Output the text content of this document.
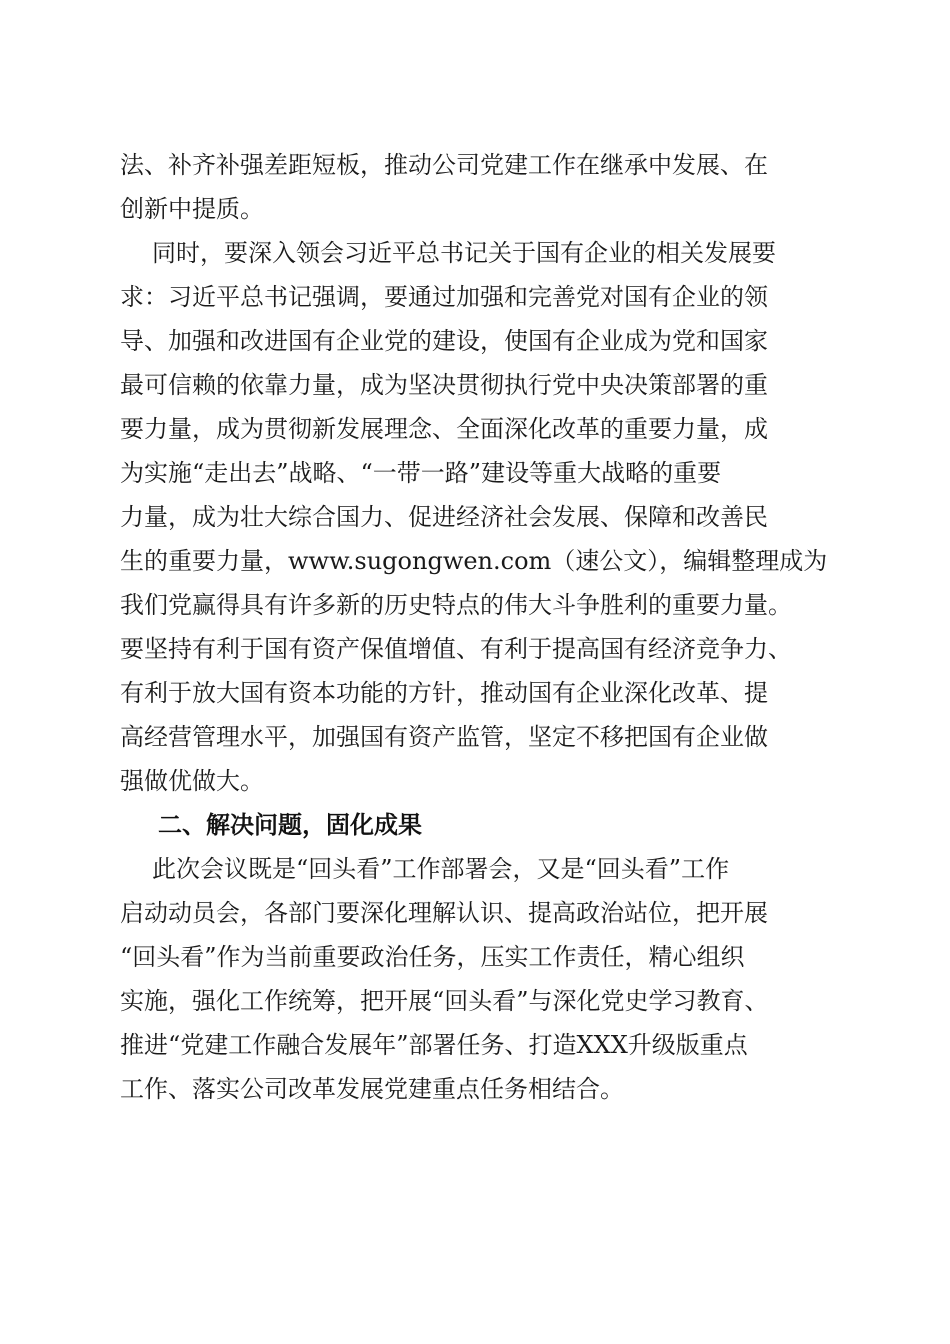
法、补齐补强差距短板，推动公司党建工作在继承中发展、在
创新中提质。
同时，要深入领会习近平总书记关于国有企业的相关发展要
求：习近平总书记强调，要通过加强和完善党对国有企业的领
导、加强和改进国有企业党的建设，使国有企业成为党和国家
最可信赖的依靠力量，成为坚决贯彻执行党中央决策部署的重
要力量，成为贯彻新发展理念、全面深化改革的重要力量，成
为实施“走出去”战略、“一带一路”建设等重大战略的重要
力量，成为壮大综合国力、促进经济社会发展、保障和改善民
生的重要力量，www.sugongwen.com（速公文），编辑整理成为
我们党赢得具有许多新的历史特点的伟大斗争胜利的重要力量。
要坚持有利于国有资产保值增值、有利于提高国有经济竞争力、
有利于放大国有资本功能的方针，推动国有企业深化改革、提
高经营管理水平，加强国有资产监管，坚定不移把国有企业做
强做优做大。
二、解决问题，固化成果
此次会议既是“回头看”工作部署会，又是“回头看”工作
启动动员会，各部门要深化理解认识、提高政治站位，把开展
“回头看”作为当前重要政治任务，压实工作责任，精心组织
实施，强化工作统筹，把开展“回头看”与深化党史学习教育、
推进“党建工作融合发展年”部署任务、打造XXX升级版重点
工作、落实公司改革发展党建重点任务相结合。
